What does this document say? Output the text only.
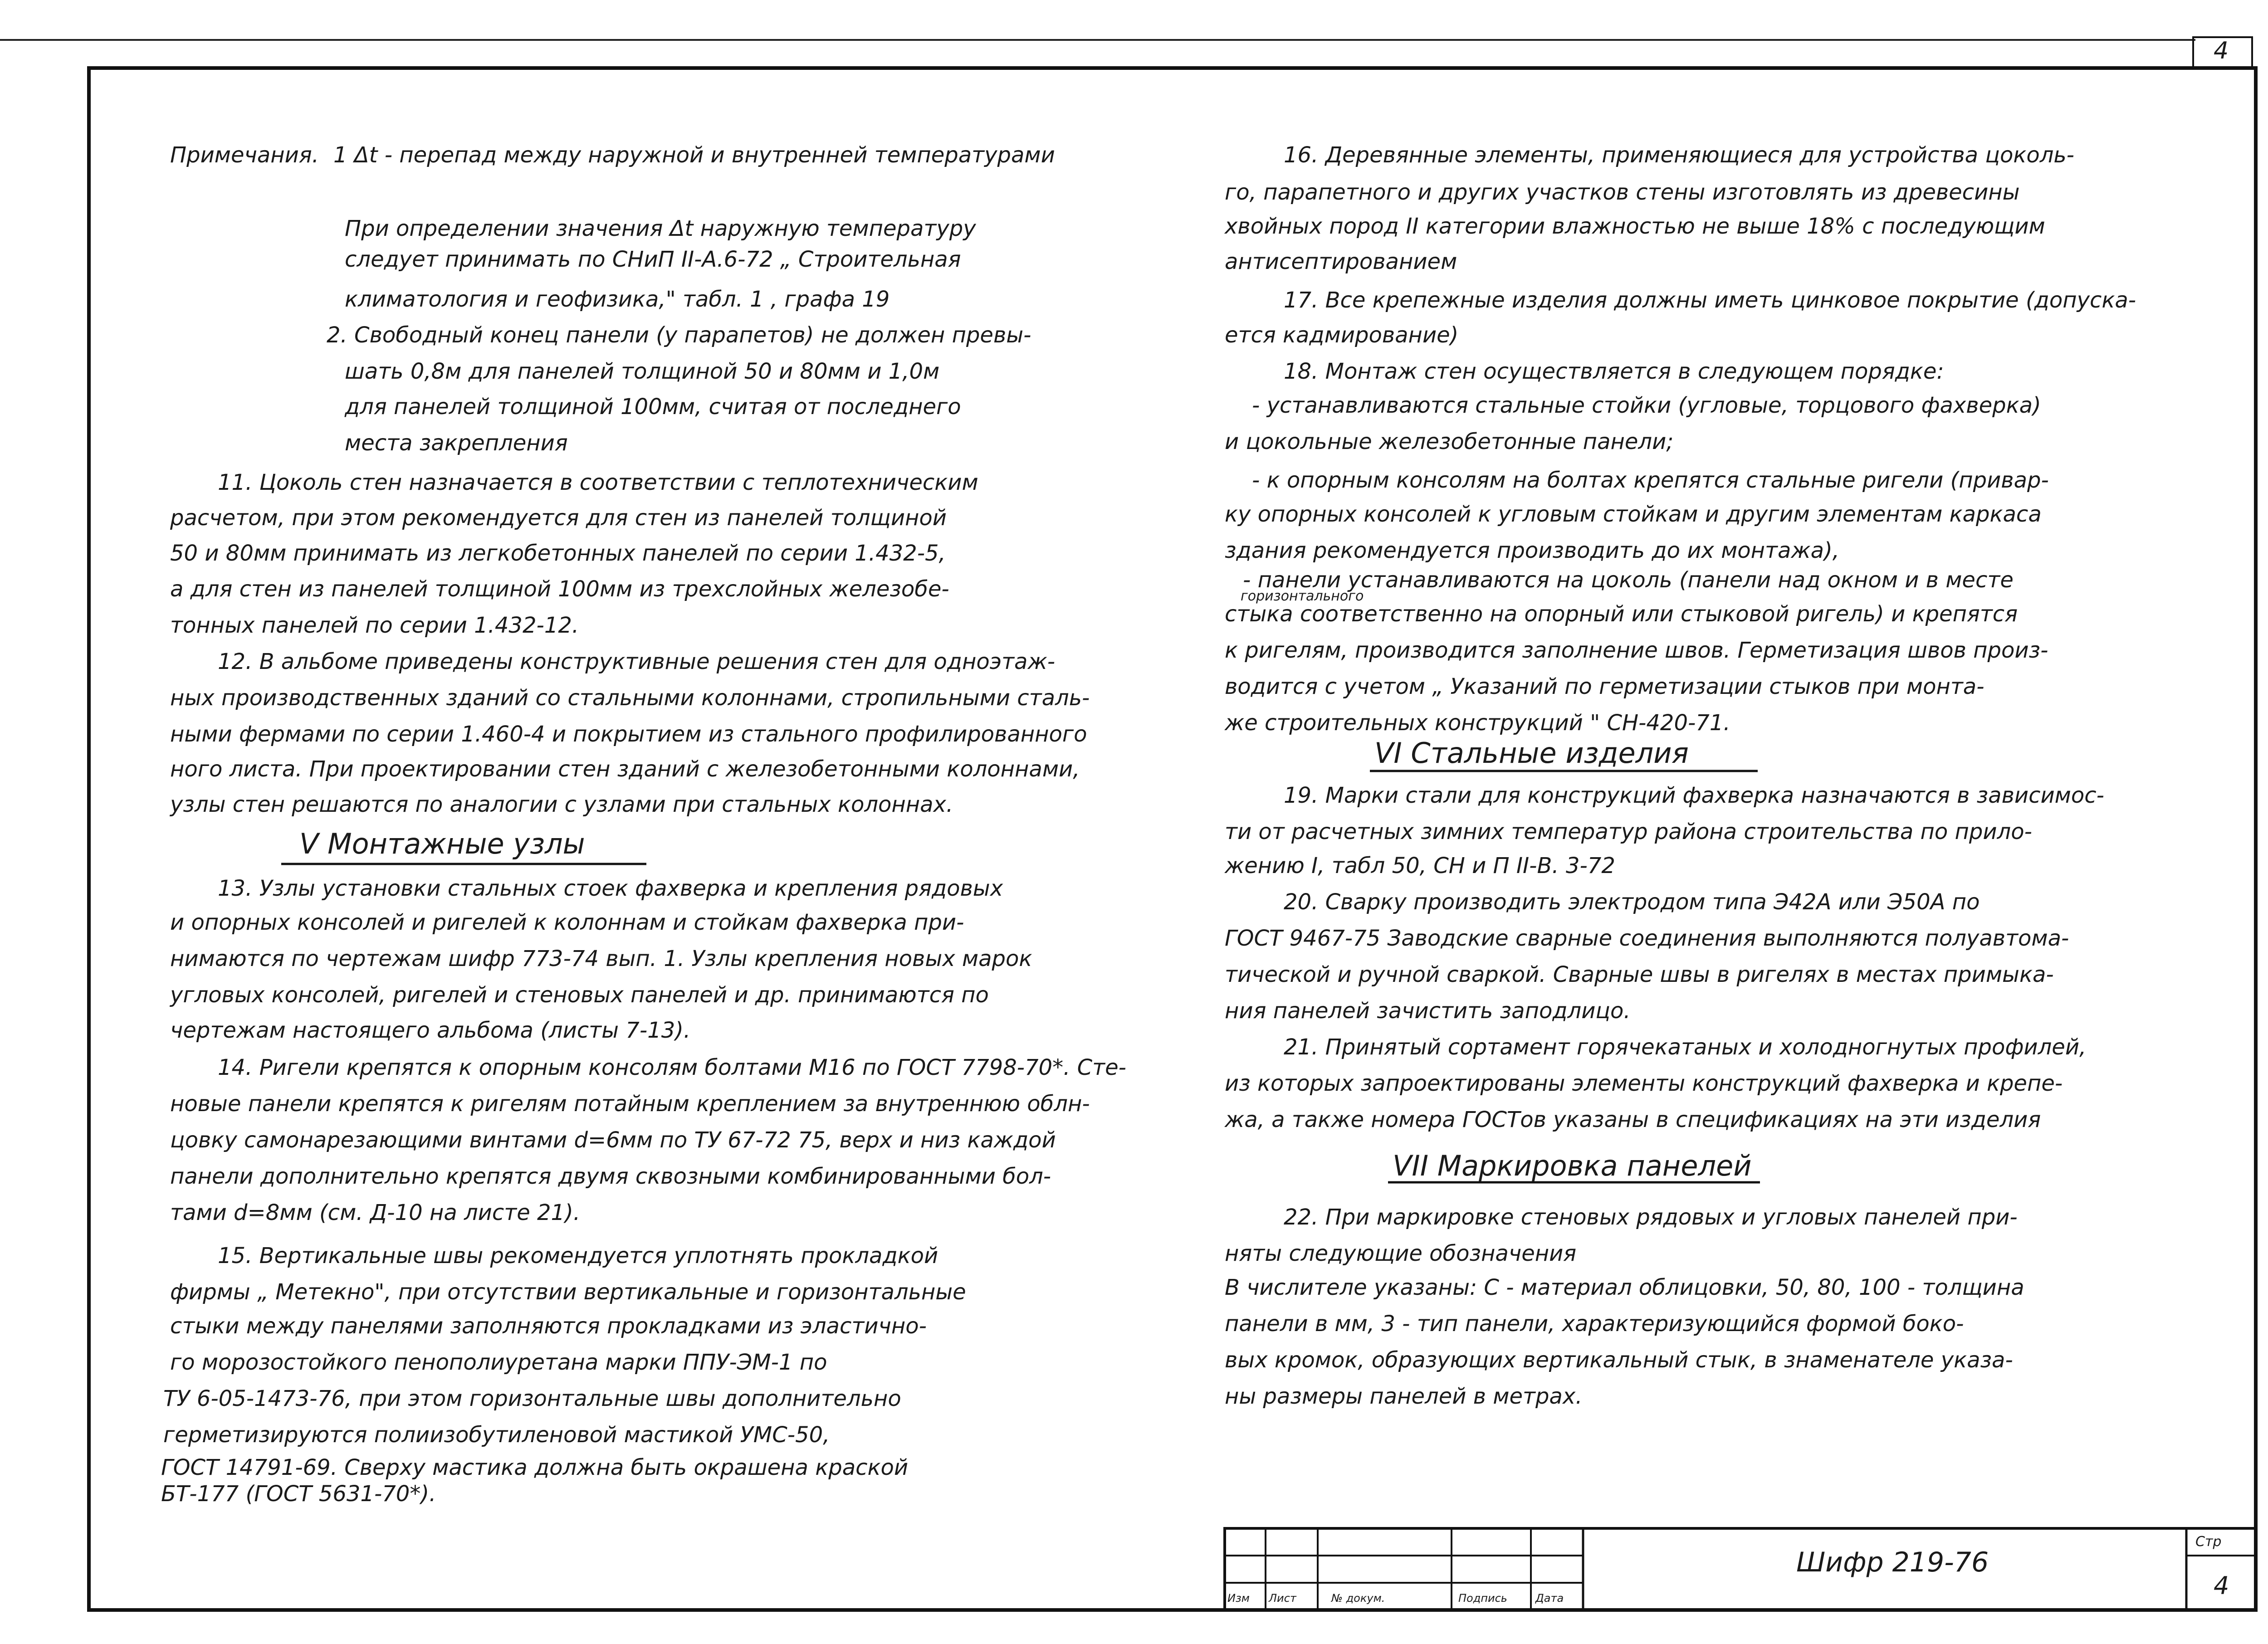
4
Примечания. 1 Δt - перепад между наружной и внутренней температурами
При определении значения Δt наружную температуру
следует принимать по СНиП II-А.6-72 „ Строительная
климатология и геофизика," табл. 1 , графа 19
2. Свободный конец панели (у парапетов) не должен превы-
шать 0,8м для панелей толщиной 50 и 80мм и 1,0м
для панелей толщиной 100мм, считая от последнего
места закрепления
11. Цоколь стен назначается в соответствии с теплотехническим
расчетом, при этом рекомендуется для стен из панелей толщиной
50 и 80мм принимать из легкобетонных панелей по серии 1.432-5,
а для стен из панелей толщиной 100мм из трехслойных железобе-
тонных панелей по серии 1.432-12.
12. В альбоме приведены конструктивные решения стен для одноэтаж-
ных производственных зданий со стальными колоннами, стропильными сталь-
ными фермами по серии 1.460-4 и покрытием из стального профилированного
ного листа. При проектировании стен зданий с железобетонными колоннами,
узлы стен решаются по аналогии с узлами при стальных колоннах.
V Монтажные узлы
13. Узлы установки стальных стоек фахверка и крепления рядовых
и опорных консолей и ригелей к колоннам и стойкам фахверка при-
нимаются по чертежам шифр 773-74 вып. 1. Узлы крепления новых марок
угловых консолей, ригелей и стеновых панелей и др. принимаются по
чертежам настоящего альбома (листы 7-13).
14. Ригели крепятся к опорным консолям болтами М16 по ГОСТ 7798-70*. Сте-
новые панели крепятся к ригелям потайным креплением за внутреннюю облн-
цовку самонарезающими винтами d=6мм по ТУ 67-72 75, верх и низ каждой
панели дополнительно крепятся двумя сквозными комбинированными бол-
тами d=8мм (см. Д-10 на листе 21).
15. Вертикальные швы рекомендуется уплотнять прокладкой
фирмы „ Метекно", при отсутствии вертикальные и горизонтальные
стыки между панелями заполняются прокладками из эластично-
го морозостойкого пенополиуретана марки ППУ-ЭМ-1 по
ТУ 6-05-1473-76, при этом горизонтальные швы дополнительно
герметизируются полиизобутиленовой мастикой УМС-50,
ГОСТ 14791-69. Сверху мастика должна быть окрашена краской
БТ-177 (ГОСТ 5631-70*).
16. Деревянные элементы, применяющиеся для устройства цоколь-
го, парапетного и других участков стены изготовлять из древесины
хвойных пород II категории влажностью не выше 18% с последующим
антисептированием
17. Все крепежные изделия должны иметь цинковое покрытие (допуска-
ется кадмирование)
18. Монтаж стен осуществляется в следующем порядке:
- устанавливаются стальные стойки (угловые, торцового фахверка)
и цокольные железобетонные панели;
- к опорным консолям на болтах крепятся стальные ригели (привар-
ку опорных консолей к угловым стойкам и другим элементам каркаса
здания рекомендуется производить до их монтажа),
- панели устанавливаются на цоколь (панели над окном и в месте
горизонтального
стыка соответственно на опорный или стыковой ригель) и крепятся
к ригелям, производится заполнение швов. Герметизация швов произ-
водится с учетом „ Указаний по герметизации стыков при монта-
же строительных конструкций " СН-420-71.
VI Стальные изделия
19. Марки стали для конструкций фахверка назначаются в зависимос-
ти от расчетных зимних температур района строительства по прило-
жению I, табл 50, СН и П II-В. 3-72
20. Сварку производить электродом типа Э42А или Э50А по
ГОСТ 9467-75 Заводские сварные соединения выполняются полуавтома-
тической и ручной сваркой. Сварные швы в ригелях в местах примыка-
ния панелей зачистить заподлицо.
21. Принятый сортамент горячекатаных и холодногнутых профилей,
из которых запроектированы элементы конструкций фахверка и крепе-
жа, а также номера ГОСТов указаны в спецификациях на эти изделия
VII Маркировка панелей
22. При маркировке стеновых рядовых и угловых панелей при-
няты следующие обозначения
В числителе указаны: С - материал облицовки, 50, 80, 100 - толщина
панели в мм, 3 - тип панели, характеризующийся формой боко-
вых кромок, образующих вертикальный стык, в знаменателе указа-
ны размеры панелей в метрах.
Изм Лист	№ докум.	Подпись	Дата
Шифр 219-76
Стр
4
